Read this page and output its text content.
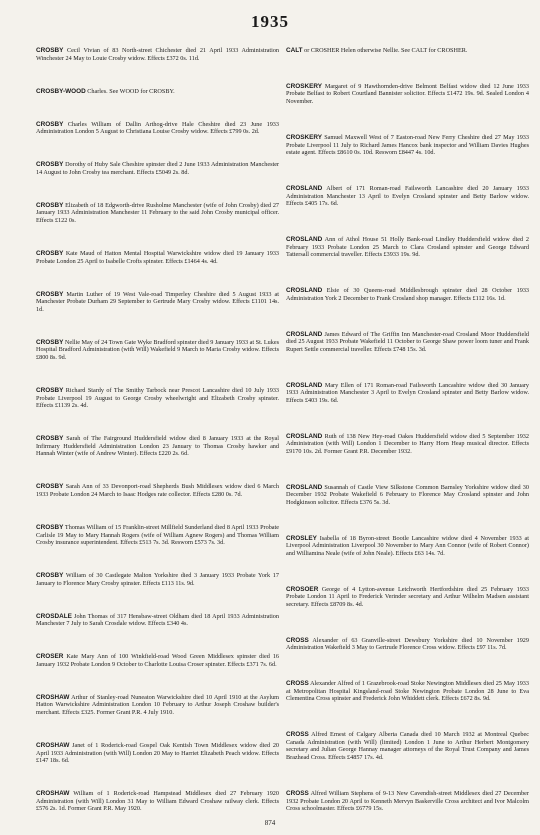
1935

CROSBY Cecil Vivian of 83 North-street Chichester died 21 April 1933 Administration Winchester 24 May to Louie Crosby widow. Effects £372 0s. 11d.

CROSBY-WOOD Charles. See WOOD for CROSBY.

CROSBY Charles William of Dallin Arthog-drive Hale Cheshire died 23 June 1933 Administration London 5 August to Christiana Louise Crosby widow. Effects £799 0s. 2d.

CROSBY Dorothy of Huby Sale Cheshire spinster died 2 June 1933 Administration Manchester 14 August to John Crosby tea merchant. Effects £5049 2s. 8d.

CROSBY Elizabeth of 18 Edgworth-drive Rusholme Manchester (wife of John Crosby) died 27 January 1933 Administration Manchester 11 February to the said John Crosby municipal officer. Effects £122 0s.

CROSBY Kate Maud of Hatton Mental Hospital Warwickshire widow died 19 January 1933 Probate London 25 April to Isabelle Crofts spinster. Effects £1464 4s. 4d.

CROSBY Martin Luther of 19 West Vale-road Timperley Cheshire died 5 August 1933 at Manchester Probate Durham 29 September to Gertrude Mary Crosby widow. Effects £1101 14s. 1d.

CROSBY Nellie May of 24 Town Gate Wyke Bradford spinster died 9 January 1933 at St. Lukes Hospital Bradford Administration (with Will) Wakefield 9 March to Maria Crosby widow. Effects £800 8s. 9d.

CROSBY Richard Stardy of The Smithy Tarbock near Prescot Lancashire died 10 July 1933 Probate Liverpool 19 August to George Crosby wheelwright and Elizabeth Crosby spinster. Effects £1139 2s. 4d.

CROSBY Sarah of The Fairground Huddersfield widow died 8 January 1933 at the Royal Infirmary Huddersfield Administration London 23 January to Thomas Crosby hawker and Hannah Winter (wife of Andrew Winter). Effects £220 2s. 6d.

CROSBY Sarah Ann of 33 Devonport-road Shepherds Bush Middlesex widow died 6 March 1933 Probate London 24 March to Isaac Hodges rate collector. Effects £280 0s. 7d.

CROSBY Thomas William of 15 Franklin-street Millfield Sunderland died 8 April 1933 Probate Carlisle 19 May to Mary Hannah Rogers (wife of William Agnew Rogers) and Thomas William Crosby insurance superintendent. Effects £513 7s. 3d. Resworn £573 7s. 3d.

CROSBY William of 30 Castlegate Malton Yorkshire died 3 January 1933 Probate York 17 January to Florence Mary Crosby spinster. Effects £113 11s. 9d.

CROSDALE John Thomas of 317 Hensbaw-street Oldham died 18 April 1933 Administration Manchester 7 July to Sarah Crosdale widow. Effects £340 4s.

CROSER Kate Mary Ann of 100 Winkfield-road Wood Green Middlesex spinster died 16 January 1932 Probate London 9 October to Charlotte Louisa Croser spinster. Effects £371 7s. 6d.

CROSHAW Arthur of Stanley-road Nuneaton Warwickshire died 10 April 1910 at the Asylum Hatton Warwickshire Administration London 10 February to Arthur Joseph Croshaw builder's merchant. Effects £325. Former Grant P.R. 4 July 1910.

CROSHAW Janet of 1 Roderick-road Gospel Oak Kentish Town Middlesex widow died 20 April 1933 Administration (with Will) London 20 May to Harriet Elizabeth Peach widow. Effects £147 18s. 6d.

CROSHAW William of 1 Roderick-road Hampstead Middlesex died 27 February 1920 Administration (with Will) London 31 May to William Edward Croshaw railway clerk. Effects £576 2s. 1d. Former Grant P.R. May 1920.

CALT or CROSHER Helen otherwise Nellie. See CALT for CROSHER.

CROSKERY Margaret of 9 Hawthornden-drive Belmont Belfast widow died 12 June 1933 Probate Belfast to Robert Courtland Bannister solicitor. Effects £1472 19s. 9d. Sealed London 4 November.

CROSKERY Samuel Maxwell West of 7 Easton-road New Ferry Cheshire died 27 May 1933 Probate Liverpool 11 July to Richard James Hancox bank inspector and William Davies Hughes estate agent. Effects £8610 0s. 10d. Resworn £8447 4s. 10d.

CROSLAND Albert of 171 Roman-road Failsworth Lancashire died 20 January 1933 Administration Manchester 13 April to Evelyn Crosland spinster and Betty Barlow widow. Effects £405 17s. 6d.

CROSLAND Ann of Athol House 51 Holly Bank-road Lindley Huddersfield widow died 2 February 1933 Probate London 25 March to Clara Crosland spinster and George Edward Tattersall commercial traveller. Effects £3933 19s. 9d.

CROSLAND Elsie of 30 Queens-road Middlesbrough spinster died 28 October 1933 Administration York 2 December to Frank Crosland shop manager. Effects £112 16s. 1d.

CROSLAND James Edward of The Griffin Inn Manchester-road Crosland Moor Huddersfield died 25 August 1933 Probate Wakefield 11 October to George Shaw power loom tuner and Frank Rupert Settle commercial traveller. Effects £748 15s. 3d.

CROSLAND Mary Ellen of 171 Roman-road Failsworth Lancashire widow died 30 January 1933 Administration Manchester 3 April to Evelyn Crosland spinster and Betty Barlow widow. Effects £403 19s. 6d.

CROSLAND Ruth of 138 New Hey-road Oakes Huddersfield widow died 5 September 1932 Administration (with Will) London 1 December to Harry Horn Heap musical director. Effects £9170 10s. 2d. Former Grant P.R. December 1932.

CROSLAND Susannah of Castle View Silkstone Common Barnsley Yorkshire widow died 30 December 1932 Probate Wakefield 6 February to Florence May Crosland spinster and John Hodgkinson solicitor. Effects £376 5s. 3d.

CROSLEY Isabella of 18 Byron-street Bootle Lancashire widow died 4 November 1933 at Liverpool Administration Liverpool 30 November to Mary Ann Connor (wife of Robert Connor) and Williamina Neale (wife of John Neale). Effects £63 14s. 7d.

CROSOER George of 4 Lytton-avenue Letchworth Hertfordshire died 25 February 1933 Probate London 11 April to Frederick Verinder secretary and Arthur Wilhelm Madsen assistant secretary. Effects £8709 8s. 4d.

CROSS Alexander of 63 Granville-street Dewsbury Yorkshire died 10 November 1929 Administration Wakefield 3 May to Gertrude Florence Cross widow. Effects £97 11s. 7d.

CROSS Alexander Alfred of 1 Grazebrook-road Stoke Newington Middlesex died 25 May 1933 at Metropolitan Hospital Kingsland-road Stoke Newington Probate London 28 June to Eva Clementina Cross spinster and Frederick John Whiddett clerk. Effects £672 8s. 9d.

CROSS Alfred Ernest of Calgary Alberta Canada died 10 March 1932 at Montreal Quebec Canada Administration (with Will) (limited) London 1 June to Arthur Herbert Montgomery secretary and Julian George Hannay manager attorneys of the Royal Trust Company and James Brazhead Cross. Effects £4857 17s. 4d.

CROSS Alfred William Stephens of 9-13 New Cavendish-street Middlesex died 27 December 1932 Probate London 20 April to Kenneth Mervyn Baskerville Cross architect and Ivor Malcolm Cross schoolmaster. Effects £6779 15s.

874
